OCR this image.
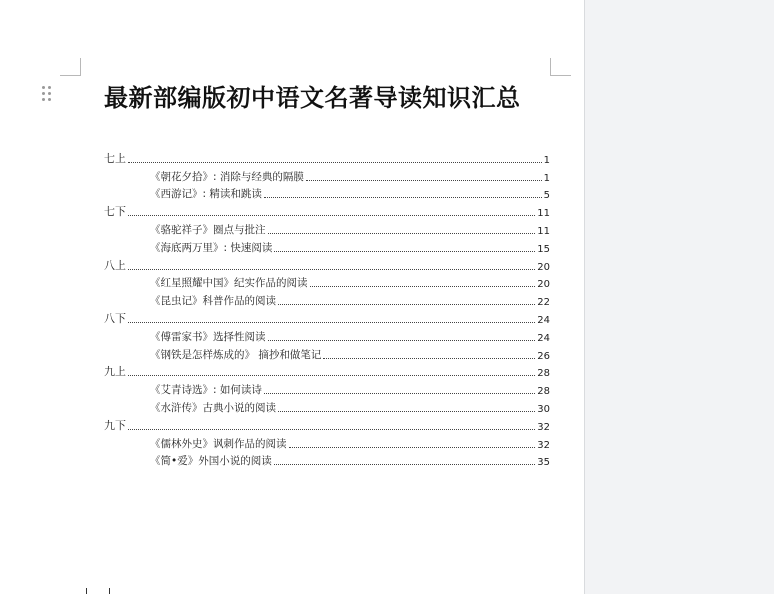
最新部编版初中语文名著导读知识汇总
七上	1
《朝花夕拾》: 消除与经典的隔膜	1
《西游记》: 精读和跳读	5
七下	11
《骆驼祥子》圈点与批注	11
《海底两万里》: 快速阅读	15
八上	20
《红星照耀中国》纪实作品的阅读	20
《昆虫记》科普作品的阅读	22
八下	24
《傅雷家书》选择性阅读	24
《钢铁是怎样炼成的》 摘抄和做笔记	26
九上	28
《艾青诗选》: 如何读诗	28
《水浒传》古典小说的阅读	30
九下	32
《儒林外史》讽刺作品的阅读	32
《简•爱》外国小说的阅读	35
